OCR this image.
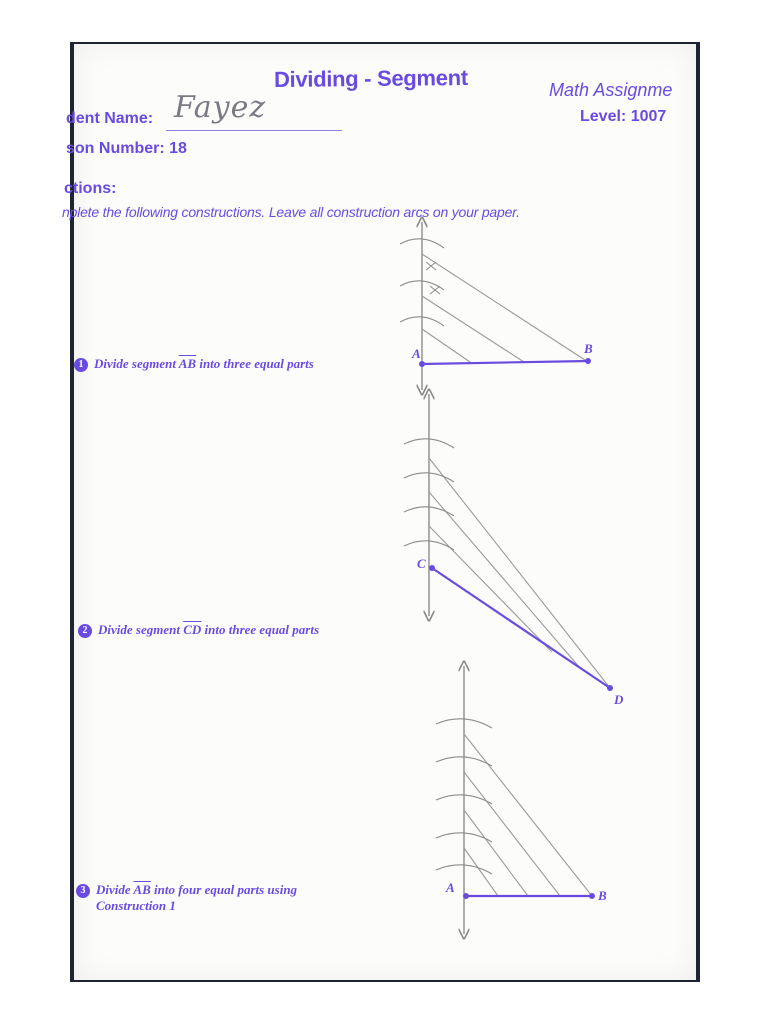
Dividing - Segment	Math Assignme
Level: 1007
dent Name: Fayez
son Number: 18
ctions:
nplete the following constructions. Leave all construction arcs on your paper.
1 Divide segment $\overline{AB}$ into three equal parts
2 Divide segment $\overline{CD}$ into three equal parts
3 Divide $\overline{AB}$ into four equal parts using
Construction 1
A	B
C
D
A
B
